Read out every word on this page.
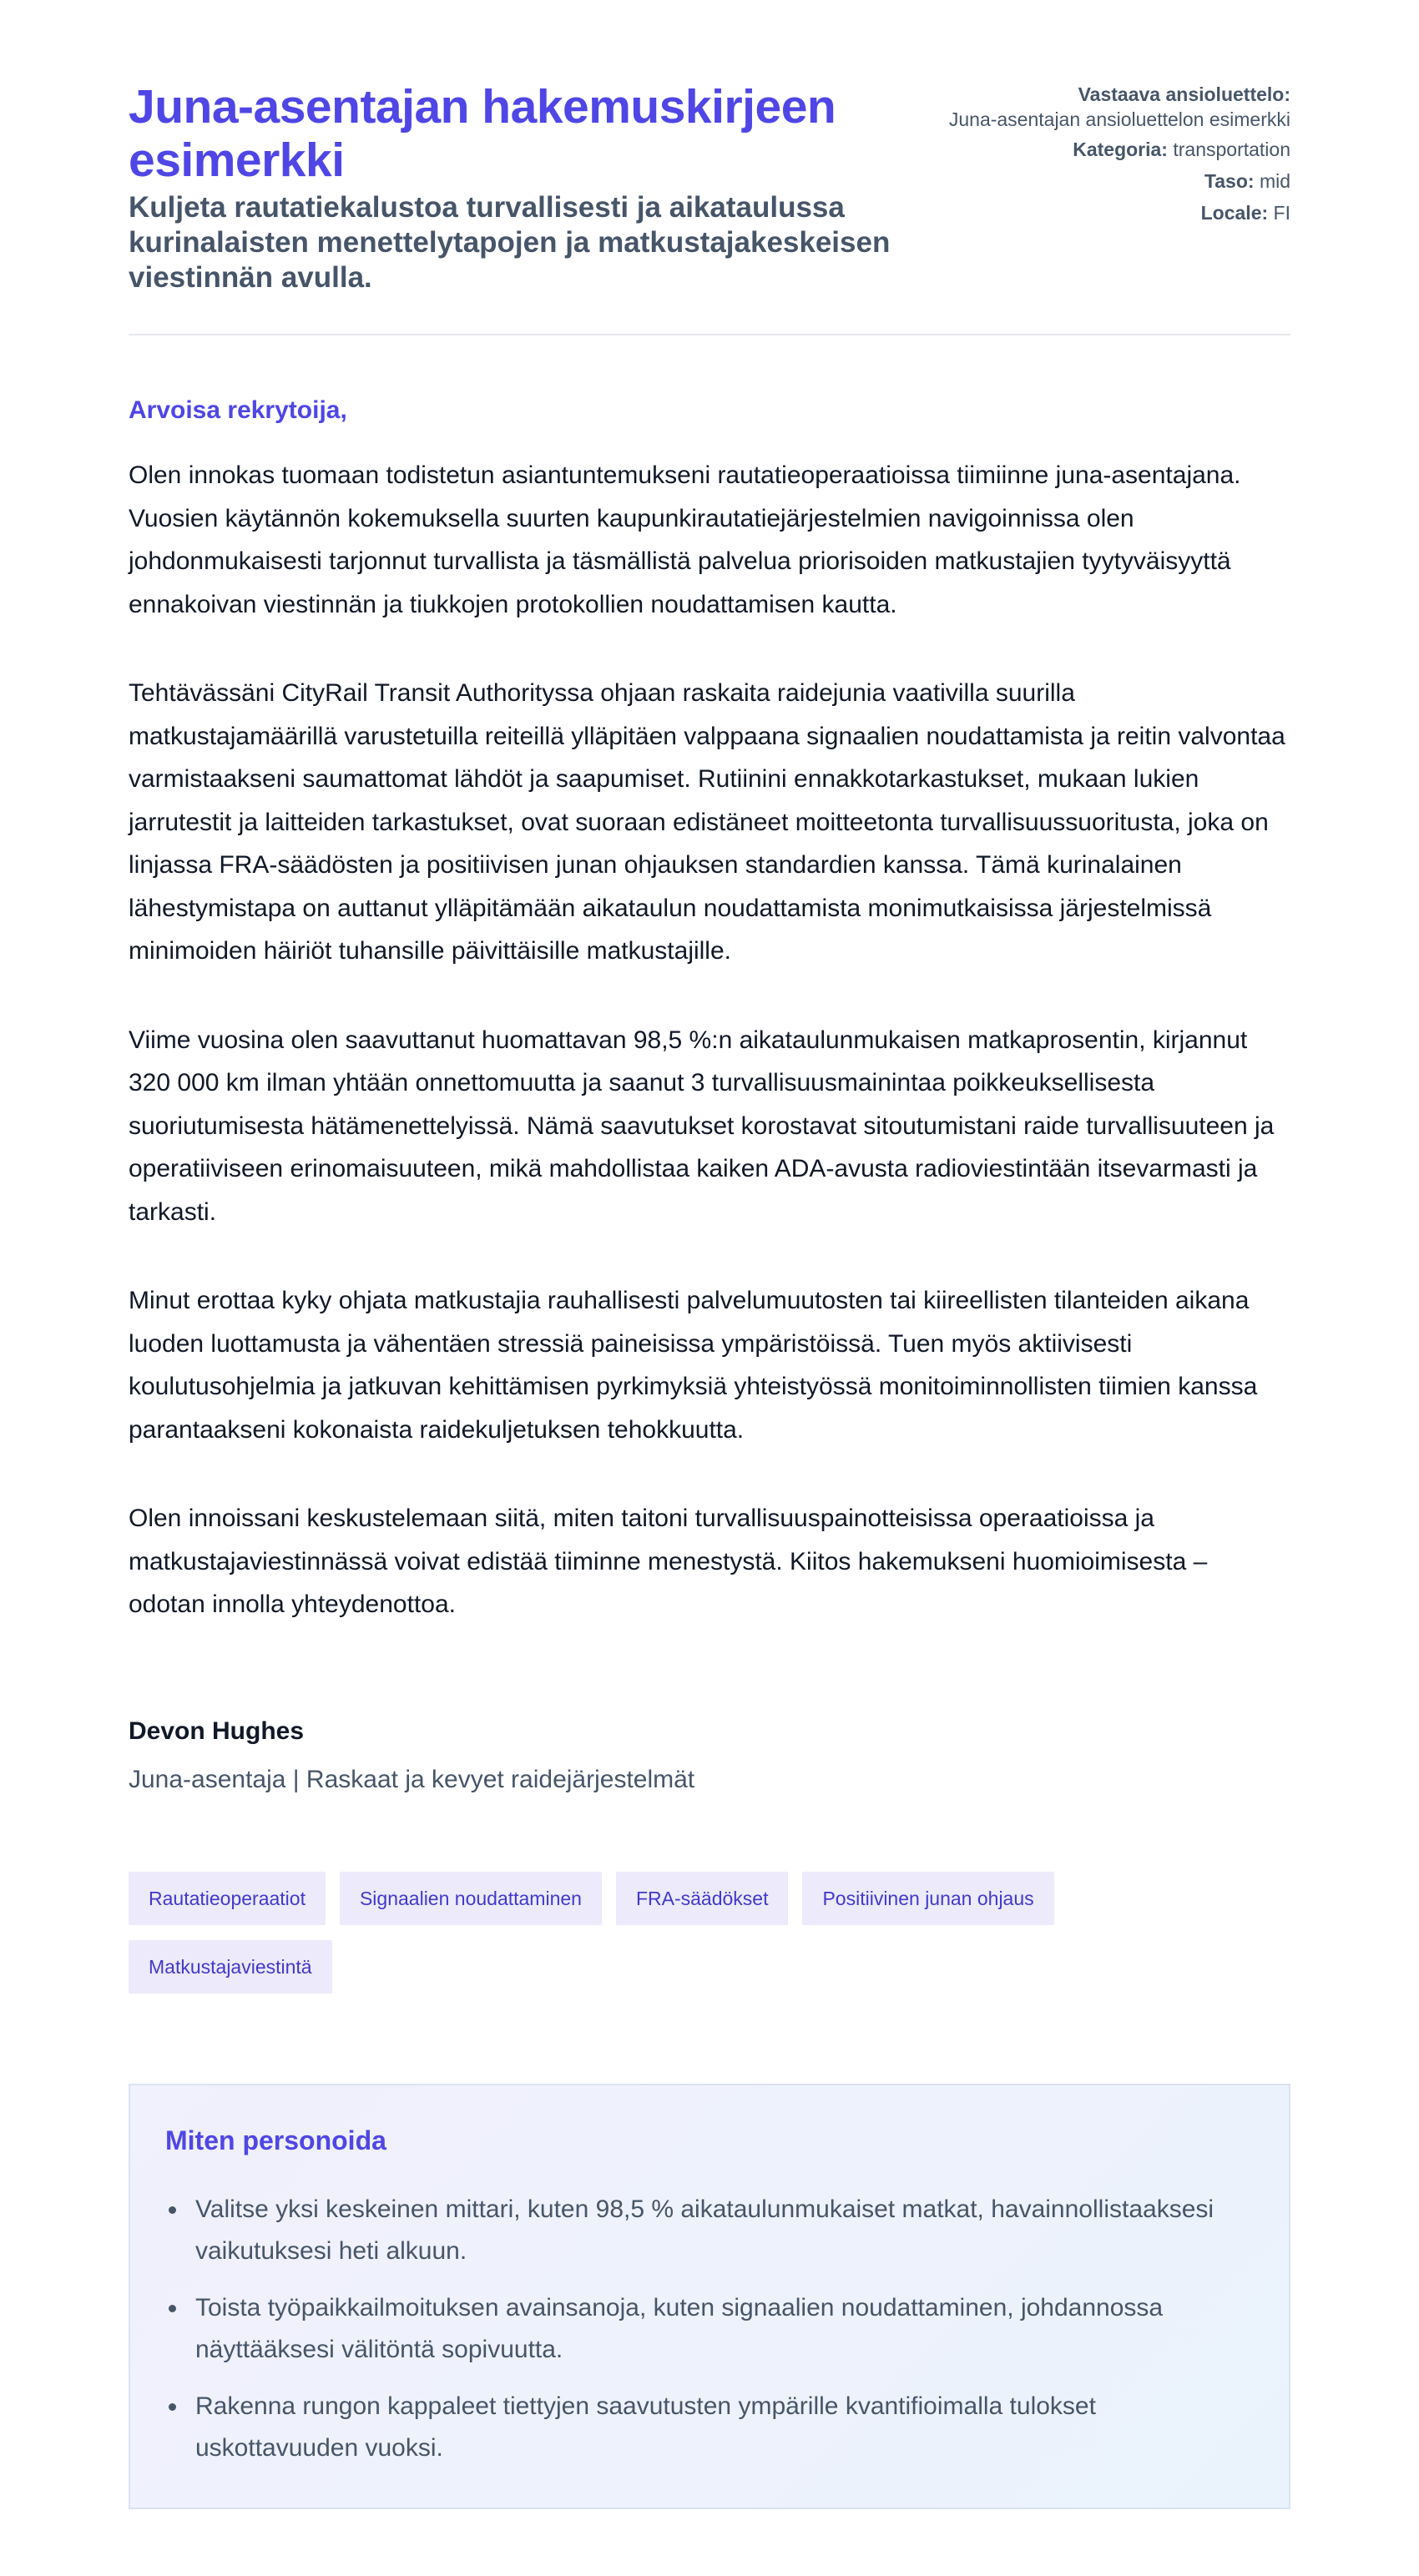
Juna-asentajan hakemuskirjeen esimerkki
Kuljeta rautatiekalustoa turvallisesti ja aikataulussa kurinalaisten menettelytapojen ja matkustajakeskeisen viestinnän avulla.
Vastaava ansioluettelo:
Juna-asentajan ansioluettelon esimerkki
Kategoria: transportation
Taso: mid
Locale: FI

Arvoisa rekrytoija,

Olen innokas tuomaan todistetun asiantuntemukseni rautatieoperaatioissa tiimiinne juna-asentajana. Vuosien käytännön kokemuksella suurten kaupunkirautatiejärjestelmien navigoinnissa olen johdonmukaisesti tarjonnut turvallista ja täsmällistä palvelua priorisoiden matkustajien tyytyväisyyttä ennakoivan viestinnän ja tiukkojen protokollien noudattamisen kautta.

Tehtävässäni CityRail Transit Authorityssa ohjaan raskaita raidejunia vaativilla suurilla matkustajamäärillä varustetuilla reiteillä ylläpitäen valppaana signaalien noudattamista ja reitin valvontaa varmistaakseni saumattomat lähdöt ja saapumiset. Rutiinini ennakkotarkastukset, mukaan lukien jarrutestit ja laitteiden tarkastukset, ovat suoraan edistäneet moitteetonta turvallisuussuoritusta, joka on linjassa FRA-säädösten ja positiivisen junan ohjauksen standardien kanssa. Tämä kurinalainen lähestymistapa on auttanut ylläpitämään aikataulun noudattamista monimutkaisissa järjestelmissä minimoiden häiriöt tuhansille päivittäisille matkustajille.

Viime vuosina olen saavuttanut huomattavan 98,5 %:n aikataulunmukaisen matkaprosentin, kirjannut 320 000 km ilman yhtään onnettomuutta ja saanut 3 turvallisuusmainintaa poikkeuksellisesta suoriutumisesta hätämenettelyissä. Nämä saavutukset korostavat sitoutumistani raide turvallisuuteen ja operatiiviseen erinomaisuuteen, mikä mahdollistaa kaiken ADA-avusta radioviestintään itsevarmasti ja tarkasti.

Minut erottaa kyky ohjata matkustajia rauhallisesti palvelumuutosten tai kiireellisten tilanteiden aikana luoden luottamusta ja vähentäen stressiä paineisissa ympäristöissä. Tuen myös aktiivisesti koulutusohjelmia ja jatkuvan kehittämisen pyrkimyksiä yhteistyössä monitoiminnollisten tiimien kanssa parantaakseni kokonaista raidekuljetuksen tehokkuutta.

Olen innoissani keskustelemaan siitä, miten taitoni turvallisuuspainotteisissa operaatioissa ja matkustajaviestinnässä voivat edistää tiiminne menestystä. Kiitos hakemukseni huomioimisesta – odotan innolla yhteydenottoa.

Devon Hughes
Juna-asentaja | Raskaat ja kevyet raidejärjestelmät
Rautatieoperaatiot	Signaalien noudattaminen	FRA-säädökset	Positiivinen junan ohjaus
Matkustajaviestintä
Miten personoida
Valitse yksi keskeinen mittari, kuten 98,5 % aikataulunmukaiset matkat, havainnollistaaksesi vaikutuksesi heti alkuun.
Toista työpaikkailmoituksen avainsanoja, kuten signaalien noudattaminen, johdannossa näyttääksesi välitöntä sopivuutta.
Rakenna rungon kappaleet tiettyjen saavutusten ympärille kvantifioimalla tulokset uskottavuuden vuoksi.
